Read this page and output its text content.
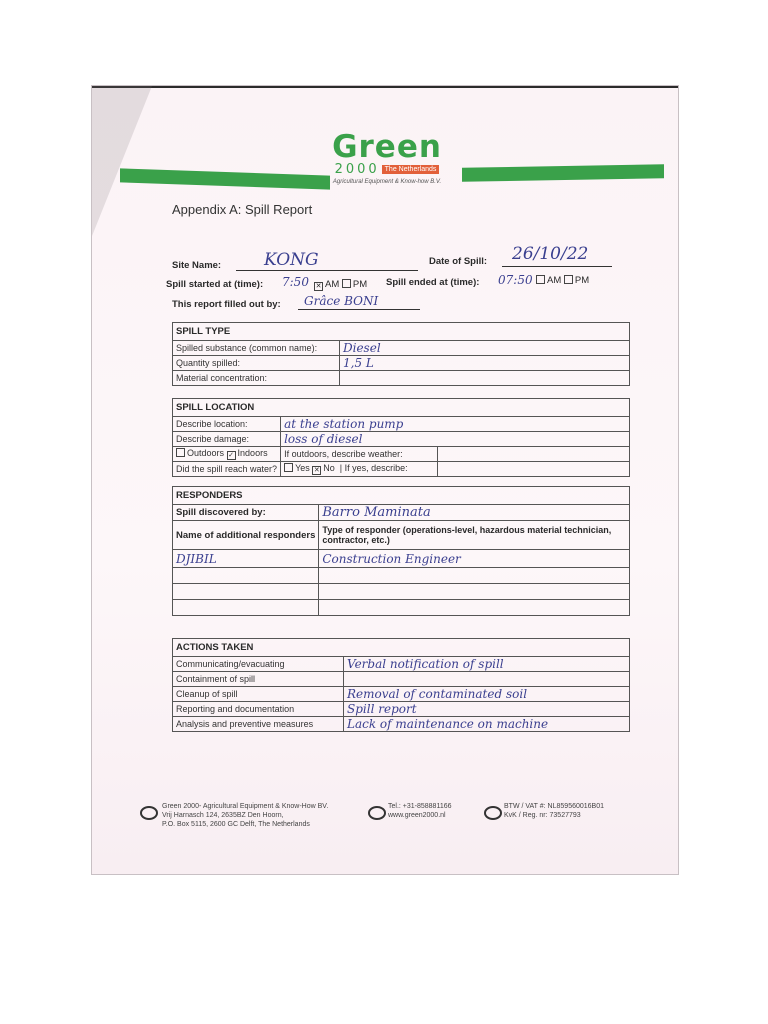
Green
2000 The Netherlands
Agricultural Equipment & Know-how B.V.
Appendix A: Spill Report
Site Name:	KONG	Date of Spill: 26/10/22
Spill started at (time): 7:50 ✕ AM PM Spill ended at (time): 07:50	AM PM
This report filled out by: Grâce BONI
SPILL TYPE	
Spilled substance (common name):	Diesel
Quantity spilled:	1,5 L
Material concentration:	
SPILL LOCATION		
Describe location:	at the station pump	
Describe damage:	loss of diesel	
Outdoors ✓ Indoors	If outdoors, describe weather:	
Did the spill reach water?	Yes ✕ No  | If yes, describe:	
RESPONDERS	
Spill discovered by:	Barro Maminata
Name of additional responders	Type of responder (operations-level, hazardous material technician, contractor, etc.)
DJIBIL	Construction Engineer

ACTIONS TAKEN	
Communicating/evacuating	Verbal notification of spill
Containment of spill	
Cleanup of spill	Removal of contaminated soil
Reporting and documentation	Spill report
Analysis and preventive measures	Lack of maintenance on machine
Green 2000- Agricultural Equipment & Know-How BV.
Vrij Harnasch 124, 2635BZ Den Hoorn,
P.O. Box 5115, 2600 GC Delft, The Netherlands
Tel.: +31-858881166
www.green2000.nl
BTW / VAT #: NL859560016B01
KvK / Reg. nr: 73527793
